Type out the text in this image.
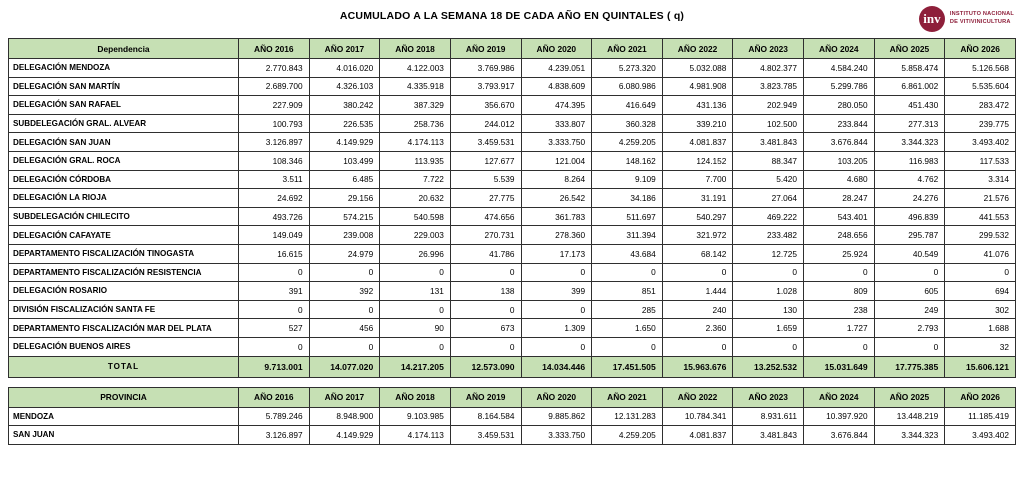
ACUMULADO A LA SEMANA 18 DE CADA AÑO EN QUINTALES ( q)	inv	INSTITUTO NACIONAL
DE VITIVINICULTURA
Dependencia	AÑO 2016	AÑO 2017	AÑO 2018	AÑO 2019	AÑO 2020	AÑO 2021	AÑO 2022	AÑO 2023	AÑO 2024	AÑO 2025	AÑO 2026
DELEGACIÓN MENDOZA	2.770.843	4.016.020	4.122.003	3.769.986	4.239.051	5.273.320	5.032.088	4.802.377	4.584.240	5.858.474	5.126.568
DELEGACIÓN SAN MARTÍN	2.689.700	4.326.103	4.335.918	3.793.917	4.838.609	6.080.986	4.981.908	3.823.785	5.299.786	6.861.002	5.535.604
DELEGACIÓN SAN RAFAEL	227.909	380.242	387.329	356.670	474.395	416.649	431.136	202.949	280.050	451.430	283.472
SUBDELEGACIÓN GRAL. ALVEAR	100.793	226.535	258.736	244.012	333.807	360.328	339.210	102.500	233.844	277.313	239.775
DELEGACIÓN SAN JUAN	3.126.897	4.149.929	4.174.113	3.459.531	3.333.750	4.259.205	4.081.837	3.481.843	3.676.844	3.344.323	3.493.402
DELEGACIÓN GRAL. ROCA	108.346	103.499	113.935	127.677	121.004	148.162	124.152	88.347	103.205	116.983	117.533
DELEGACIÓN CÓRDOBA	3.511	6.485	7.722	5.539	8.264	9.109	7.700	5.420	4.680	4.762	3.314
DELEGACIÓN LA RIOJA	24.692	29.156	20.632	27.775	26.542	34.186	31.191	27.064	28.247	24.276	21.576
SUBDELEGACIÓN CHILECITO	493.726	574.215	540.598	474.656	361.783	511.697	540.297	469.222	543.401	496.839	441.553
DELEGACIÓN CAFAYATE	149.049	239.008	229.003	270.731	278.360	311.394	321.972	233.482	248.656	295.787	299.532
DEPARTAMENTO FISCALIZACIÓN TINOGASTA	16.615	24.979	26.996	41.786	17.173	43.684	68.142	12.725	25.924	40.549	41.076
DEPARTAMENTO FISCALIZACIÓN RESISTENCIA	0	0	0	0	0	0	0	0	0	0	0
DELEGACIÓN ROSARIO	391	392	131	138	399	851	1.444	1.028	809	605	694
DIVISIÓN FISCALIZACIÓN SANTA FE	0	0	0	0	0	285	240	130	238	249	302
DEPARTAMENTO FISCALIZACIÓN MAR DEL PLATA	527	456	90	673	1.309	1.650	2.360	1.659	1.727	2.793	1.688
DELEGACIÓN BUENOS AIRES	0	0	0	0	0	0	0	0	0	0	32
TOTAL	9.713.001	14.077.020	14.217.205	12.573.090	14.034.446	17.451.505	15.963.676	13.252.532	15.031.649	17.775.385	15.606.121
PROVINCIA	AÑO 2016	AÑO 2017	AÑO 2018	AÑO 2019	AÑO 2020	AÑO 2021	AÑO 2022	AÑO 2023	AÑO 2024	AÑO 2025	AÑO 2026
MENDOZA	5.789.246	8.948.900	9.103.985	8.164.584	9.885.862	12.131.283	10.784.341	8.931.611	10.397.920	13.448.219	11.185.419
SAN JUAN	3.126.897	4.149.929	4.174.113	3.459.531	3.333.750	4.259.205	4.081.837	3.481.843	3.676.844	3.344.323	3.493.402
